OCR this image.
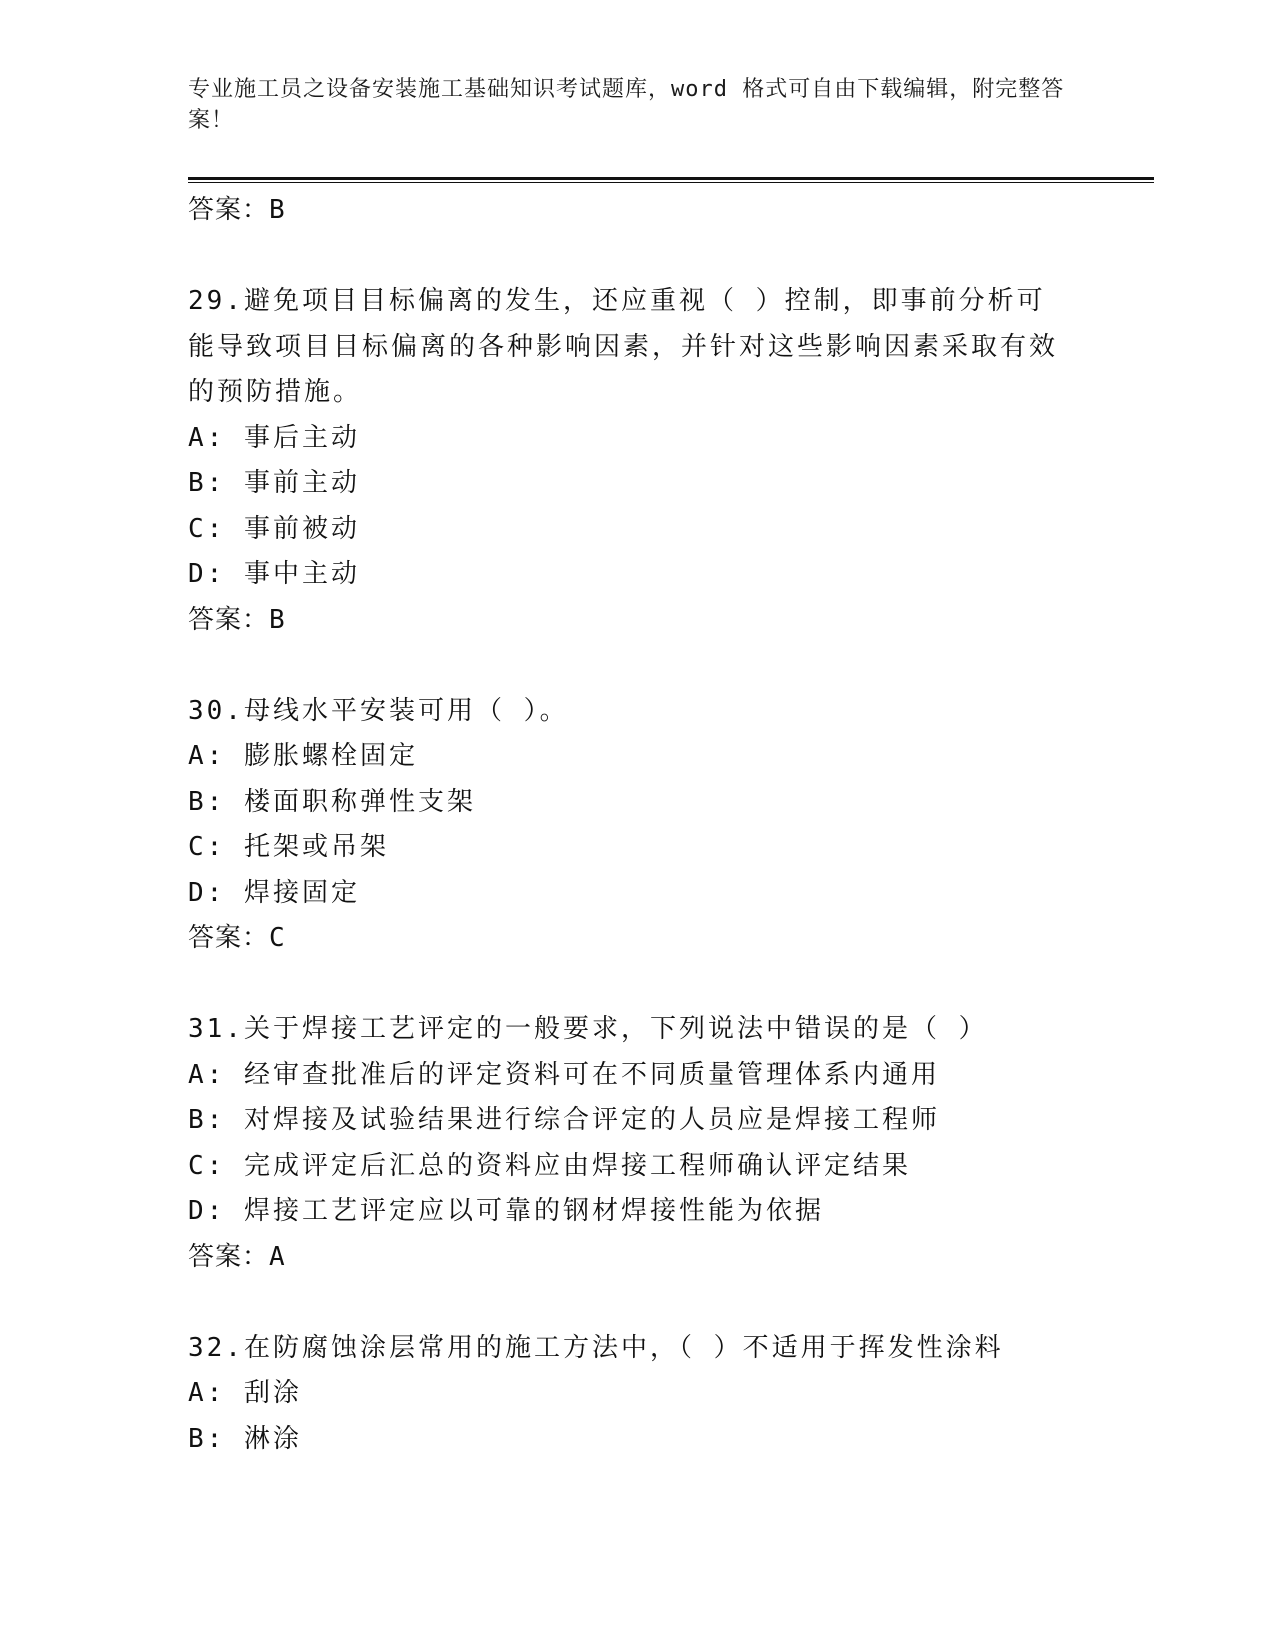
专业施工员之设备安装施工基础知识考试题库，word 格式可自由下载编辑，附完整答案！
答案：B
29.避免项目目标偏离的发生，还应重视（ ）控制，即事前分析可能导致项目目标偏离的各种影响因素，并针对这些影响因素采取有效的预防措施。
A: 事后主动
B: 事前主动
C: 事前被动
D: 事中主动
答案：B
30.母线水平安装可用（ ）。
A: 膨胀螺栓固定
B: 楼面职称弹性支架
C: 托架或吊架
D: 焊接固定
答案：C
31.关于焊接工艺评定的一般要求，下列说法中错误的是（ ）
A: 经审查批准后的评定资料可在不同质量管理体系内通用
B: 对焊接及试验结果进行综合评定的人员应是焊接工程师
C: 完成评定后汇总的资料应由焊接工程师确认评定结果
D: 焊接工艺评定应以可靠的钢材焊接性能为依据
答案：A
32.在防腐蚀涂层常用的施工方法中，（ ）不适用于挥发性涂料
A: 刮涂
B: 淋涂
